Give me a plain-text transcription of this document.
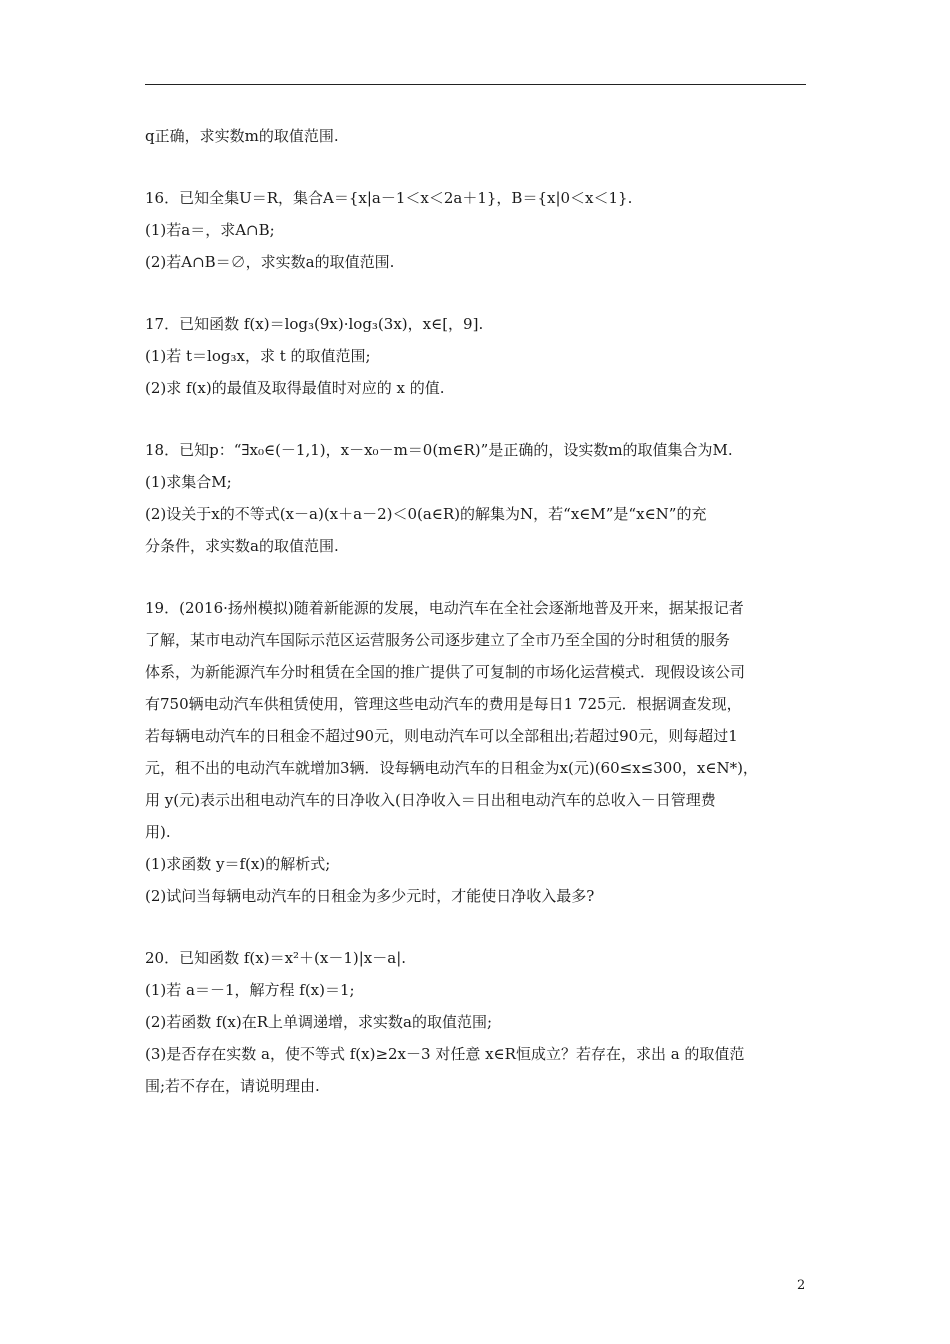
q正确，求实数m的取值范围.
16．已知全集U＝R，集合A＝{x|a－1＜x＜2a＋1}，B＝{x|0＜x＜1}.
(1)若a＝，求A∩B;
(2)若A∩B＝∅，求实数a的取值范围.
17．已知函数 f(x)＝log₃(9x)·log₃(3x)，x∈[，9].
(1)若 t＝log₃x，求 t 的取值范围;
(2)求 f(x)的最值及取得最值时对应的 x 的值.
18．已知p：“∃x₀∈(－1,1)，x－x₀－m＝0(m∈R)”是正确的，设实数m的取值集合为M.
(1)求集合M;
(2)设关于x的不等式(x－a)(x＋a－2)＜0(a∈R)的解集为N，若“x∈M”是“x∈N”的充
分条件，求实数a的取值范围.
19．(2016·扬州模拟)随着新能源的发展，电动汽车在全社会逐渐地普及开来，据某报记者
了解，某市电动汽车国际示范区运营服务公司逐步建立了全市乃至全国的分时租赁的服务
体系，为新能源汽车分时租赁在全国的推广提供了可复制的市场化运营模式．现假设该公司
有750辆电动汽车供租赁使用，管理这些电动汽车的费用是每日1 725元．根据调查发现，
若每辆电动汽车的日租金不超过90元，则电动汽车可以全部租出;若超过90元，则每超过1
元，租不出的电动汽车就增加3辆．设每辆电动汽车的日租金为x(元)(60≤x≤300，x∈N*)，
用 y(元)表示出租电动汽车的日净收入(日净收入＝日出租电动汽车的总收入－日管理费
用).
(1)求函数 y＝f(x)的解析式;
(2)试问当每辆电动汽车的日租金为多少元时，才能使日净收入最多?
20．已知函数 f(x)＝x²＋(x－1)|x－a|.
(1)若 a＝－1，解方程 f(x)＝1;
(2)若函数 f(x)在R上单调递增，求实数a的取值范围;
(3)是否存在实数 a，使不等式 f(x)≥2x－3 对任意 x∈R恒成立？若存在，求出 a 的取值范
围;若不存在，请说明理由.
2
